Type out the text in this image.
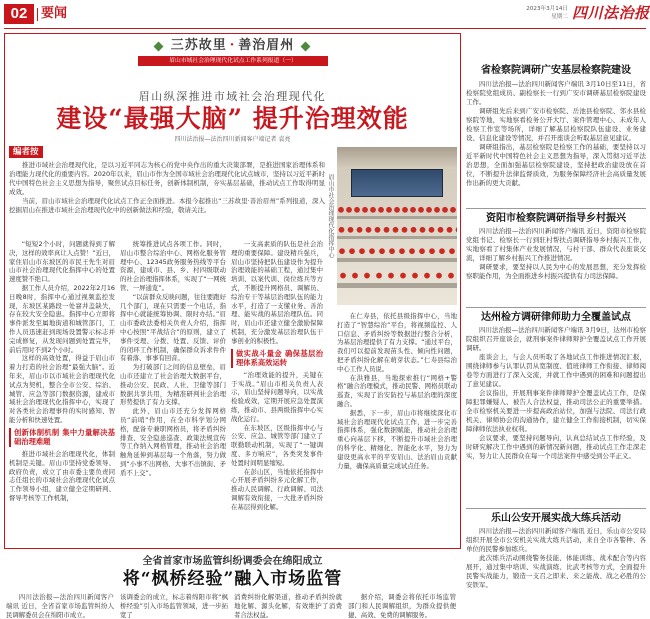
02	要闻	2023年3月14日
星期二 四川法治报
三苏故里 · 善治眉州
眉山市域社会治理现代化试点工作系列报道（一）
眉山纵深推进市域社会治理现代化
建设“最强大脑” 提升治理效能
四川法治报—法治四川新闻客户端记者 袁亮
编者按

推进市域社会治理现代化，是以习近平同志为核心的党中央作出的重大决策部署，是推进国家治理体系和治理能力现代化的重要内容。2020年以来，眉山市作为全国市域社会治理现代化试点城市，坚持以习近平新时代中国特色社会主义思想为指导，聚焦试点目标任务，创新体制机制，夯实基层基础，推动试点工作取得明显成效。

当前，眉山市域社会治理现代化试点工作正全面推进。本报今起推出“三苏故里·善治眉州”系列报道，深入挖掘眉山在推进市域社会治理现代化中的创新做法和经验，敬请关注。	眉山市社会治理现代化指挥中心

“短短2个小时，问题就得到了解决，这样的效率真让人点赞！”近日，家住眉山市东坡区的市民王先生对眉山市社会治理现代化指挥中心的处置速度赞不绝口。

据工作人员介绍，2022年2月16日晚8时，指挥中心通过视频监控发现，东坡区某路段一处窨井盖缺失，存在较大安全隐患。指挥中心立即将事件派发至属地街道和城管部门，工作人员迅速赶到现场设置警示标志并完成修复，从发现问题到处置完毕，前后用时不到2个小时。

这样的高效处置，得益于眉山市着力打造的社会治理“最强大脑”。近年来，眉山市以市域社会治理现代化试点为契机，整合全市公安、综治、城管、应急等部门数据资源，建成市域社会治理现代化指挥中心，实现了对各类社会治理事件的实时感知、智能分析和快速处置。

创新体制机制 集中力量解决基础治理难题

推进市域社会治理现代化，体制机制是关键。眉山市坚持党委领导、政府负责，成立了由市委主要负责同志任组长的市域社会治理现代化试点工作领导小组，建立健全定期研判、督导考核等工作机制，

统筹推进试点各项工作。同时，眉山市整合综治中心、网格化服务管理中心、12345政务服务热线等平台资源，建成市、县、乡、村四级联动的社会治理指挥体系，实现了“一网统管、一屏通览”。

“以前群众反映问题，往往要跑好几个部门，现在只需要一个电话，指挥中心就能统筹协调、限时办结。”眉山市委政法委相关负责人介绍，指挥中心按照“平战结合”的原则，建立了事件受理、分拨、处置、反馈、评价的闭环工作机制，确保群众诉求件件有着落、事事有回音。

为打破部门之间的信息壁垒，眉山市还建立了社会治理大数据平台，推动公安、民政、人社、卫健等部门数据共享共用，为精准研判社会治理形势提供了有力支撑。

此外，眉山市还充分发挥网格员“前哨”作用，在全市科学划分网格，配备专兼职网格员，将矛盾纠纷排查、安全隐患巡查、政策法规宣传等工作纳入网格管理，推动社会治理触角延伸到基层每一个角落，努力做到“小事不出网格、大事不出镇街、矛盾不上交”。

一支高素质的队伍是社会治理的重要保障。建设精兵强兵，眉山市坚持把队伍建设作为提升治理效能的基础工程，通过集中培训、以案代训、岗位练兵等方式，不断提升网格员、调解员、综治专干等基层治理队伍的能力水平，打造了一支懂业务、善治理、能实战的基层治理队伍。同时，眉山市还建立健全激励保障机制，充分激发基层治理队伍干事创业的积极性。

做实战斗量金 确保基层治理体系高效运转

“治理效能的提升，关键在于实战。”眉山市相关负责人表示，眉山坚持问题导向，以实战检验成效，定期开展应急处置演练，推动市、县两级指挥中心实战化运行。

在东坡区，区级指挥中心与公安、应急、城管等部门建立了联勤联动机制，实现了“一键调度、多方响应”，各类突发事件处置时间明显缩短。

在彭山区，当地依托指挥中心开展矛盾纠纷多元化解工作，推动人民调解、行政调解、司法调解有效衔接，一大批矛盾纠纷在基层得到化解。

在仁寿县，依托县级指挥中心，当地打造了“智慧综治”平台，将视频监控、人口信息、矛盾纠纷等数据进行整合分析，为基层治理提供了有力支撑。“通过平台，我们可以提前发现苗头性、倾向性问题，把矛盾纠纷化解在萌芽状态。”仁寿县综治中心工作人员说。

在洪雅县，当地探索推行“网格+警格”融合治理模式，推动民警、网格员联动巡查，实现了治安防控与基层治理的深度融合。

据悉，下一步，眉山市将继续深化市域社会治理现代化试点工作，进一步完善指挥体系，强化数据赋能，推动社会治理重心向基层下移，不断提升市域社会治理的科学化、精细化、智能化水平，努力为建设更高水平的平安眉山、法治眉山贡献力量，确保高质量完成试点任务。

省检察院调研广安基层检察院建设

四川法治报—法治四川新闻客户端讯 3月10日至11日，省检察院党组成员、副检察长一行到广安市调研基层检察院建设工作。

调研组先后来到广安市检察院、岳池县检察院、邻水县检察院等地，实地察看检务公开大厅、案件管理中心、未成年人检察工作室等场所，详细了解基层检察院队伍建设、业务建设、信息化建设等情况，并召开座谈会听取基层意见建议。

调研组指出，基层检察院是检察工作的基础，要坚持以习近平新时代中国特色社会主义思想为指导，深入贯彻习近平法治思想，全面加强基层检察院建设，坚持把政治建设放在首位，不断提升法律监督质效，为服务保障经济社会高质量发展作出新的更大贡献。

资阳市检察院调研指导乡村振兴

四川法治报—法治四川新闻客户端讯 近日，资阳市检察院党组书记、检察长一行到驻村帮扶点调研指导乡村振兴工作，实地察看了村集体产业发展情况，与村干部、群众代表座谈交流，详细了解乡村振兴工作推进情况。

调研要求，要坚持以人民为中心的发展思想，充分发挥检察职能作用，为全面推进乡村振兴提供有力司法保障。

达州检方调研律师助力全覆盖试点

四川法治报—法治四川新闻客户端讯 3月9日，达州市检察院组织召开座谈会，就刑事案件律师辩护全覆盖试点工作开展调研。

座谈会上，与会人员听取了各地试点工作推进情况汇报，围绕律师参与认罪认罚从宽制度、值班律师工作衔接、律师阅卷等方面进行了深入交流，并就工作中遇到的困难和问题提出了意见建议。

会议指出，开展刑事案件律师辩护全覆盖试点工作，是保障犯罪嫌疑人、被告人合法权益，推动司法公正的重要举措。全市检察机关要进一步提高政治站位，加强与法院、司法行政机关、律师协会的沟通协作，建立健全工作衔接机制，切实保障律师依法执业权利。

会议要求，要坚持问题导向，认真总结试点工作经验，及时研究解决工作中遇到的新情况新问题，推动试点工作走深走实，努力让人民群众在每一个司法案件中感受到公平正义。

乐山公安开展实战大练兵活动

四川法治报—法治四川新闻客户端讯 近日，乐山市公安局组织开展全市公安机关实战大练兵活动，来自全市各警种、各单位的民警参加练兵。

此次练兵活动围绕警务技能、体能训练、战术配合等内容展开，通过集中培训、实战演练、比武考核等方式，全面提升民警实战能力，锻造一支召之即来、来之能战、战之必胜的公安铁军。

全省首家市场监管纠纷调委会在绵阳成立
将“枫桥经验”融入市场监管

四川法治报—法治四川新闻客户端讯 近日，全省首家市场监管纠纷人民调解委员会在绵阳市成立。

该调委会的成立，标志着绵阳市将“枫桥经验”引入市场监管领域，进一步拓宽了

消费纠纷化解渠道，推动矛盾纠纷就地化解、源头化解，有效维护了消费者合法权益。

据介绍，调委会将依托市场监管部门和人民调解组织，为群众提供便捷、高效、免费的调解服务。
